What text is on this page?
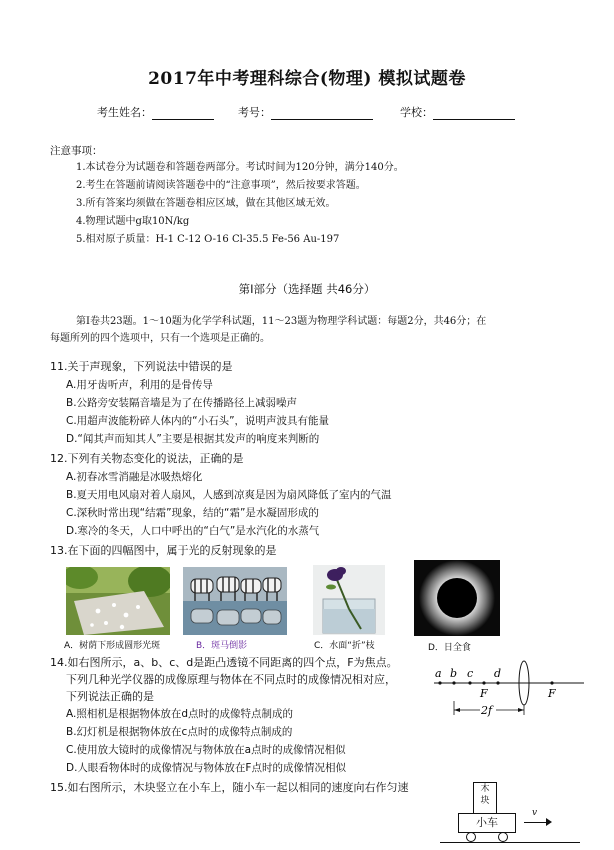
2017年中考理科综合(物理) 模拟试题卷
考生姓名：	考号：	学校：
注意事项：
1.本试卷分为试题卷和答题卷两部分。考试时间为120分钟，满分140分。
2.考生在答题前请阅读答题卷中的“注意事项”，然后按要求答题。
3.所有答案均须做在答题卷相应区域，做在其他区域无效。
4.物理试题中g取10N/kg
5.相对原子质量：H-1 C-12 O-16 Cl-35.5 Fe-56 Au-197
第Ⅰ部分（选择题 共46分）
第Ⅰ卷共23题。1～10题为化学学科试题，11～23题为物理学科试题：每题2分，共46分；在
每题所列的四个选项中，只有一个选项是正确的。
11.关于声现象，下列说法中错误的是
A.用牙齿听声，利用的是骨传导
B.公路旁安装隔音墙是为了在传播路径上减弱噪声
C.用超声波能粉碎人体内的“小石头”，说明声波具有能量
D.“闻其声而知其人”主要是根据其发声的响度来判断的
12.下列有关物态变化的说法，正确的是
A.初春冰雪消融是冰吸热熔化
B.夏天用电风扇对着人扇风，人感到凉爽是因为扇风降低了室内的气温
C.深秋时常出现“结霜”现象，结的“霜”是水凝固形成的
D.寒冷的冬天，人口中呼出的“白气”是水汽化的水蒸气
13.在下面的四幅图中，属于光的反射现象的是
A．树荫下形成圆形光斑	B．斑马倒影	C．水面“折”枝	D．日全食
14.如右图所示，a、b、c、d是距凸透镜不同距离的四个点，F为焦点。
下列几种光学仪器的成像原理与物体在不同点时的成像情况相对应，
下列说法正确的是
A.照相机是根据物体放在d点时的成像特点制成的
B.幻灯机是根据物体放在c点时的成像特点制成的
C.使用放大镜时的成像情况与物体放在a点时的成像情况相似
D.人眼看物体时的成像情况与物体放在F点时的成像情况相似
a b c d
F	F
2f
15.如右图所示，木块竖立在小车上，随小车一起以相同的速度向右作匀速	木
块
小车
v
